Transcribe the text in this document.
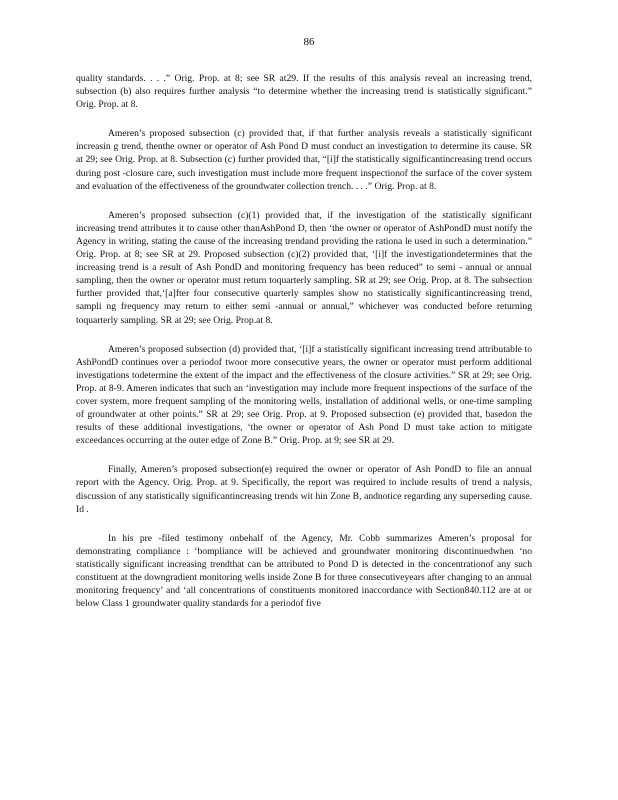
86

quality standards. . . .” Orig. Prop. at 8; see SR at29. If the results of this analysis reveal an increasing trend, subsection (b) also requires further analysis “to determine whether the increasing trend is statistically significant.” Orig. Prop. at 8.

Ameren’s proposed subsection (c) provided that, if that further analysis reveals a statistically significant increasin g trend, thenthe owner or operator of Ash Pond D must conduct an investigation to determine its cause. SR at 29; see Orig. Prop. at 8. Subsection (c) further provided that, “[i]f the statistically significantincreasing trend occurs during post -closure care, such investigation must include more frequent inspectionof the surface of the cover system and evaluation of the effectiveness of the groundwater collection trench. . . .” Orig. Prop. at 8.

Ameren’s proposed subsection (c)(1) provided that, if the investigation of the statistically significant increasing trend attributes it to cause other thanAshPond D, then ‘the owner or operator of AshPondD must notify the Agency in writing, stating the cause of the increasing trendand providing the rationa le used in such a determination.” Orig. Prop. at 8; see SR at 29. Proposed subsection (c)(2) provided that, ‘[i]f the investigationdetermines that the increasing trend is a result of Ash PondD and monitoring frequency has been reduced” to semi - annual or annual sampling, then the owner or operator must return toquarterly sampling. SR at 29; see Orig. Prop. at 8. The subsection further provided that,‘[a]fter four consecutive quarterly samples show no statistically significantincreasing trend, sampli ng frequency may return to either semi -annual or annual,” whichever was conducted before returning toquarterly sampling. SR at 29; see Orig. Prop.at 8.

Ameren’s proposed subsection (d) provided that, ‘[i]f a statistically significant increasing trend attributable to AshPondD continues over a periodof twoor more consecutive years, the owner or operator must perform additional investigations todetermine the extent of the impact and the effectiveness of the closure activities.” SR at 29; see Orig. Prop. at 8-9. Ameren indicates that such an ‘investigation may include more frequent inspections of the surface of the cover system, more frequent sampling of the monitoring wells, installation of additional wells, or one-time sampling of groundwater at other points.” SR at 29; see Orig. Prop. at 9. Proposed subsection (e) provided that, basedon the results of these additional investigations, ‘the owner or operator of Ash Pond D must take action to mitigate exceedances occurring at the outer edge of Zone B.” Orig. Prop. at 9; see SR at 29.

Finally, Ameren’s proposed subsection(e) required the owner or operator of Ash PondD to file an annual report with the Agency. Orig. Prop. at 9. Specifically, the report was required to include results of trend a nalysis, discussion of any statistically significantincreasing trends wit hin Zone B, andnotice regarding any superseding cause. Id .

In his pre -filed testimony onbehalf of the Agency, Mr. Cobb summarizes Ameren’s proposal for demonstrating compliance : ‘bompliance will be achieved and groundwater monitoring discontinuedwhen ‘no statistically significant increasing trendthat can be attributed to Pond D is detected in the concentrationof any such constituent at the downgradient monitoring wells inside Zone B for three consecutiveyears after changing to an annual monitoring frequency’ and ‘all concentrations of constituents monitored inaccordance with Section840.112 are at or below Class 1 groundwater quality standards for a periodof five
